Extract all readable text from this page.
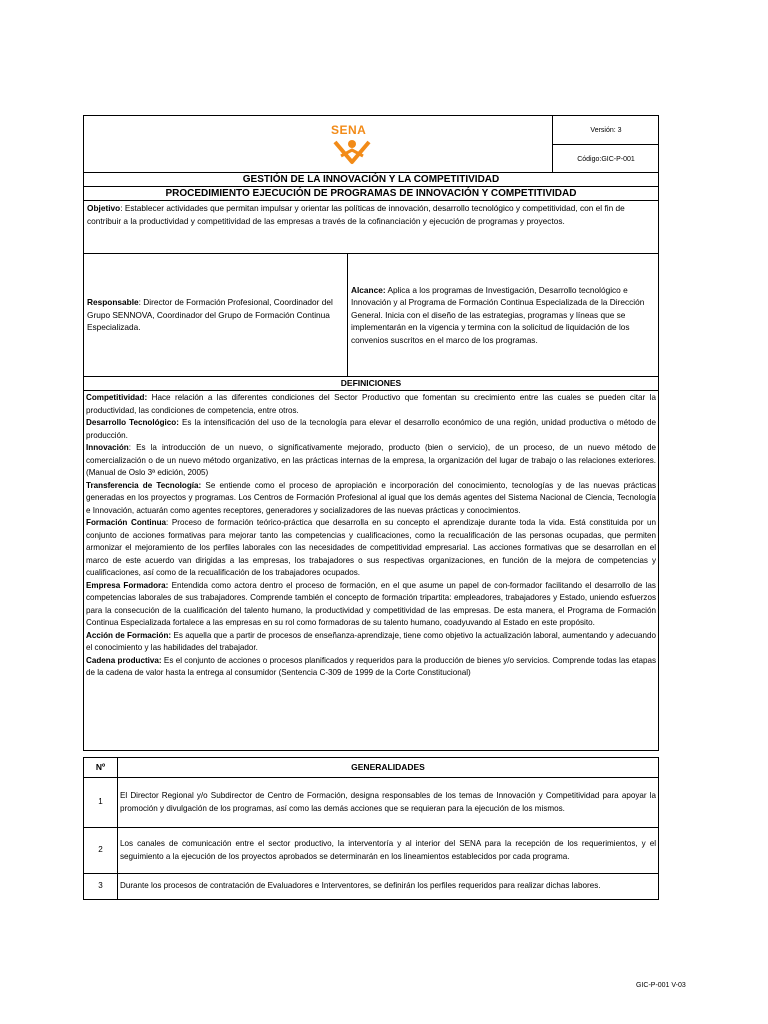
SENA	Versión: 3
Código:GIC-P-001
GESTIÓN DE LA INNOVACIÓN Y LA COMPETITIVIDAD
PROCEDIMIENTO EJECUCIÓN DE PROGRAMAS DE INNOVACIÓN Y COMPETITIVIDAD
Objetivo: Establecer actividades que permitan impulsar y orientar las políticas de innovación, desarrollo tecnológico y competitividad, con el fin de contribuir a la productividad y competitividad de las empresas a través de la cofinanciación y ejecución de programas y proyectos.
Responsable: Director de Formación Profesional, Coordinador del Grupo SENNOVA, Coordinador del Grupo de Formación Continua Especializada.
Alcance: Aplica a los programas de Investigación, Desarrollo tecnológico e Innovación y al Programa de Formación Continua Especializada de la Dirección General. Inicia con el diseño de las estrategias, programas y líneas que se implementarán en la vigencia y termina con la solicitud de liquidación de los convenios suscritos en el marco de los programas.
DEFINICIONES

Competitividad: Hace relación a las diferentes condiciones del Sector Productivo que fomentan su crecimiento entre las cuales se pueden citar la productividad, las condiciones de competencia, entre otros.

Desarrollo Tecnológico: Es la intensificación del uso de la tecnología para elevar el desarrollo económico de una región, unidad productiva o método de producción.

Innovación: Es la introducción de un nuevo, o significativamente mejorado, producto (bien o servicio), de un proceso, de un nuevo método de comercialización o de un nuevo método organizativo, en las prácticas internas de la empresa, la organización del lugar de trabajo o las relaciones exteriores. (Manual de Oslo 3ª edición, 2005)

Transferencia de Tecnología: Se entiende como el proceso de apropiación e incorporación del conocimiento, tecnologías y de las nuevas prácticas generadas en los proyectos y programas. Los Centros de Formación Profesional al igual que los demás agentes del Sistema Nacional de Ciencia, Tecnología e Innovación, actuarán como agentes receptores, generadores y socializadores de las nuevas prácticas y conocimientos.

Formación Continua: Proceso de formación teórico-práctica que desarrolla en su concepto el aprendizaje durante toda la vida. Está constituida por un conjunto de acciones formativas para mejorar tanto las competencias y cualificaciones, como la recualificación de las personas ocupadas, que permiten armonizar el mejoramiento de los perfiles laborales con las necesidades de competitividad empresarial. Las acciones formativas que se desarrollan en el marco de este acuerdo van dirigidas a las empresas, los trabajadores o sus respectivas organizaciones, en función de la mejora de competencias y cualificaciones, así como de la recualificación de los trabajadores ocupados.

Empresa Formadora: Entendida como actora dentro el proceso de formación, en el que asume un papel de con-formador facilitando el desarrollo de las competencias laborales de sus trabajadores. Comprende también el concepto de formación tripartita: empleadores, trabajadores y Estado, uniendo esfuerzos para la consecución de la cualificación del talento humano, la productividad y competitividad de las empresas. De esta manera, el Programa de Formación Continua Especializada fortalece a las empresas en su rol como formadoras de su talento humano, coadyuvando al Estado en este propósito.

Acción de Formación: Es aquella que a partir de procesos de enseñanza-aprendizaje, tiene como objetivo la actualización laboral, aumentando y adecuando el conocimiento y las habilidades del trabajador.

Cadena productiva: Es el conjunto de acciones o procesos planificados y requeridos para la producción de bienes y/o servicios. Comprende todas las etapas de la cadena de valor hasta la entrega al consumidor (Sentencia C-309 de 1999 de la Corte Constitucional)

Nº	GENERALIDADES
1	El Director Regional y/o Subdirector de Centro de Formación, designa responsables de los temas de Innovación y Competitividad para apoyar la promoción y divulgación de los programas, así como las demás acciones que se requieran para la ejecución de los mismos.
2	Los canales de comunicación entre el sector productivo, la interventoría y al interior del SENA para la recepción de los requerimientos, y el seguimiento a la ejecución de los proyectos aprobados se determinarán en los lineamientos establecidos por cada programa.
3	Durante los procesos de contratación de Evaluadores e Interventores, se definirán los perfiles requeridos para realizar dichas labores.
GIC-P-001 V-03
